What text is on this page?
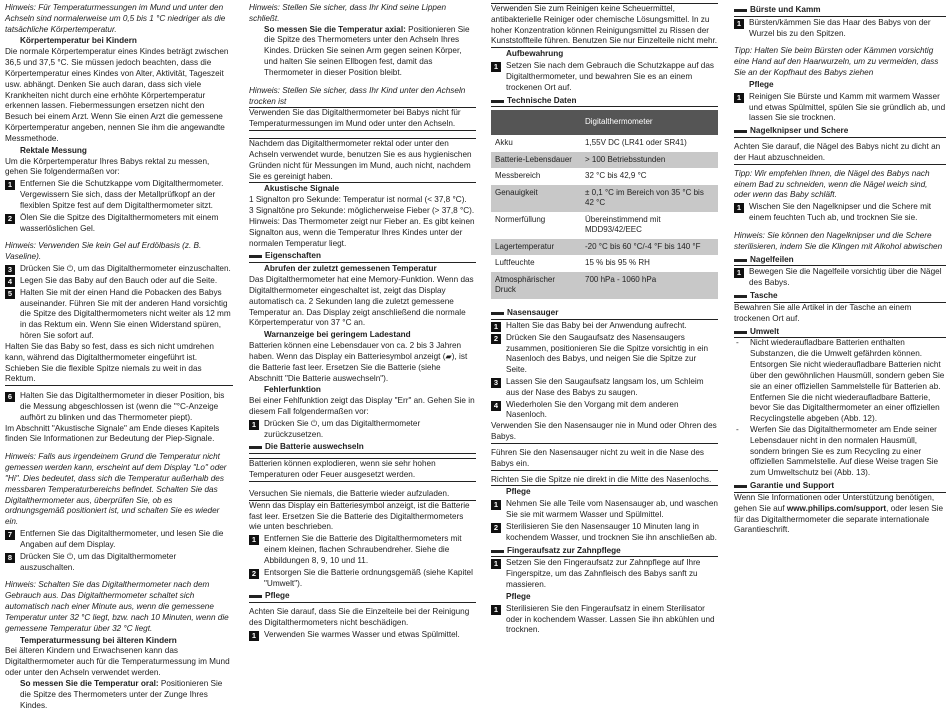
Hinweis: Für Temperaturmessungen im Mund und unter den Achseln sind normalerweise um 0,5 bis 1 °C niedriger als die tatsächliche Körpertemperatur.

Körpertemperatur bei Kindern

Die normale Körpertemperatur eines Kindes beträgt zwischen 36,5 und 37,5 °C. Sie müssen jedoch beachten, dass die Körpertemperatur eines Kindes von Alter, Aktivität, Tageszeit usw. abhängt. Denken Sie auch daran, dass sich viele Krankheiten nicht durch eine erhöhte Körpertemperatur erkennen lassen. Fiebermessungen ersetzen nicht den Besuch bei einem Arzt. Wenn Sie einen Arzt die gemessene Körpertemperatur angeben, nennen Sie ihm die angewandte Messmethode.

Rektale Messung

Um die Körpertemperatur Ihres Babys rektal zu messen, gehen Sie folgendermaßen vor:

1 Entfernen Sie die Schutzkappe vom Digitalthermometer. Vergewissern Sie sich, dass der Metallprüfkopf an der flexiblen Spitze fest auf dem Digitalthermometer sitzt.
2 Ölen Sie die Spitze des Digitalthermometers mit einem wasserlöslichen Gel.

Hinweis: Verwenden Sie kein Gel auf Erdölbasis (z. B. Vaseline).

3 Drücken Sie ⏻, um das Digitalthermometer einzuschalten.
4 Legen Sie das Baby auf den Bauch oder auf die Seite.
5 Halten Sie mit der einen Hand die Pobacken des Babys auseinander. Führen Sie mit der anderen Hand vorsichtig die Spitze des Digitalthermometers nicht weiter als 12 mm in das Rektum ein. Wenn Sie einen Widerstand spüren, hören Sie sofort auf.

Halten Sie das Baby so fest, dass es sich nicht umdrehen kann, während das Digitalthermometer eingeführt ist.

Schieben Sie die flexible Spitze niemals zu weit in das Rektum.

6 Halten Sie das Digitalthermometer in dieser Position, bis die Messung abgeschlossen ist (wenn die "°C-Anzeige aufhört zu blinken und das Thermometer piept).

Im Abschnitt "Akustische Signale" am Ende dieses Kapitels finden Sie Informationen zur Bedeutung der Piep-Signale.

Hinweis: Falls aus irgendeinem Grund die Temperatur nicht gemessen werden kann, erscheint auf dem Display "Lo" oder "Hi". Dies bedeutet, dass sich die Temperatur außerhalb des messbaren Temperaturbereichs befindet. Schalten Sie das Digitalthermometer aus, überprüfen Sie, ob es ordnungsgemäß positioniert ist, und schalten Sie es wieder ein.

7 Entfernen Sie das Digitalthermometer, und lesen Sie die Angaben auf dem Display.
8 Drücken Sie ⏻, um das Digitalthermometer auszuschalten.

Hinweis: Schalten Sie das Digitalthermometer nach dem Gebrauch aus. Das Digitalthermometer schaltet sich automatisch nach einer Minute aus, wenn die gemessene Temperatur unter 32 °C liegt, bzw. nach 10 Minuten, wenn die gemessene Temperatur über 32 °C liegt.

Temperaturmessung bei älteren Kindern

Bei älteren Kindern und Erwachsenen kann das Digitalthermometer auch für die Temperaturmessung im Mund oder unter den Achseln verwendet werden.

So messen Sie die Temperatur oral: Positionieren Sie die Spitze des Thermometers unter der Zunge Ihres Kindes.

Hinweis: Stellen Sie sicher, dass Ihr Kind seine Lippen schließt.

So messen Sie die Temperatur axial: Positionieren Sie die Spitze des Thermometers unter den Achseln Ihres Kindes. Drücken Sie seinen Arm gegen seinen Körper, und halten Sie seinen Ellbogen fest, damit das Thermometer in dieser Position bleibt.

Hinweis: Stellen Sie sicher, dass Ihr Kind unter den Achseln trocken ist

Verwenden Sie das Digitalthermometer bei Babys nicht für Temperaturmessungen im Mund oder unter den Achseln.

Nachdem das Digitalthermometer rektal oder unter den Achseln verwendet wurde, benutzen Sie es aus hygienischen Gründen nicht für Messungen im Mund, auch nicht, nachdem Sie es gereinigt haben.

Akustische Signale

1 Signalton pro Sekunde: Temperatur ist normal (< 37,8 °C).

3 Signaltöne pro Sekunde: möglicherweise Fieber (> 37,8 °C).

Hinweis: Das Thermometer zeigt nur Fieber an. Es gibt keinen Signalton aus, wenn die Temperatur Ihres Kindes unter der normalen Temperatur liegt.

Eigenschaften

Abrufen der zuletzt gemessenen Temperatur

Das Digitalthermometer hat eine Memory-Funktion. Wenn das Digitalthermometer eingeschaltet ist, zeigt das Display automatisch ca. 2 Sekunden lang die zuletzt gemessene Temperatur an. Das Display zeigt anschließend die normale Körpertemperatur von 37 °C an.

Warnanzeige bei geringem Ladestand

Batterien können eine Lebensdauer von ca. 2 bis 3 Jahren haben. Wenn das Display ein Batteriesymbol anzeigt (▰), ist die Batterie fast leer. Ersetzen Sie die Batterie (siehe Abschnitt "Die Batterie auswechseln").

Fehlerfunktion

Bei einer Fehlfunktion zeigt das Display "Err" an. Gehen Sie in diesem Fall folgendermaßen vor:

1 Drücken Sie ⏻, um das Digitalthermometer zurückzusetzen.
Die Batterie auswechseln

Batterien können explodieren, wenn sie sehr hohen Temperaturen oder Feuer ausgesetzt werden.

Versuchen Sie niemals, die Batterie wieder aufzuladen.

Wenn das Display ein Batteriesymbol anzeigt, ist die Batterie fast leer. Ersetzen Sie die Batterie des Digitalthermometers wie unten beschrieben.

1 Entfernen Sie die Batterie des Digitalthermometers mit einem kleinen, flachen Schraubendreher. Siehe die Abbildungen 8, 9, 10 und 11.
2 Entsorgen Sie die Batterie ordnungsgemäß (siehe Kapitel "Umwelt").
Pflege

Achten Sie darauf, dass Sie die Einzelteile bei der Reinigung des Digitalthermometers nicht beschädigen.

1 Verwenden Sie warmes Wasser und etwas Spülmittel.

Verwenden Sie zum Reinigen keine Scheuermittel, antibakterielle Reiniger oder chemische Lösungsmittel. In zu hoher Konzentration können Reinigungsmittel zu Rissen der Kunststoffteile führen. Benutzen Sie nur Einzelteile nicht mehr.

Aufbewahrung

1 Setzen Sie nach dem Gebrauch die Schutzkappe auf das Digitalthermometer, und bewahren Sie es an einem trockenen Ort auf.
Technische Daten
	Digitalthermometer
Akku	1,55V DC (LR41 oder SR41)
Batterie-Lebensdauer	> 100 Betriebsstunden
Messbereich	32 °C bis 42,9 °C
Genauigkeit	± 0,1 °C im Bereich von 35 °C bis 42 °C
Normerfüllung	Übereinstimmend mit MDD93/42/EEC
Lagertemperatur	-20 °C bis 60 °C/-4 °F bis 140 °F
Luftfeuchte	15 % bis 95 % RH
Atmosphärischer Druck	700 hPa - 1060 hPa
Nasensauger
1 Halten Sie das Baby bei der Anwendung aufrecht.
2 Drücken Sie den Saugaufsatz des Nasensaugers zusammen, positionieren Sie die Spitze vorsichtig in ein Nasenloch des Babys, und neigen Sie die Spitze zur Seite.
3 Lassen Sie den Saugaufsatz langsam los, um Schleim aus der Nase des Babys zu saugen.
4 Wiederholen Sie den Vorgang mit dem anderen Nasenloch.

Verwenden Sie den Nasensauger nie in Mund oder Ohren des Babys.

Führen Sie den Nasensauger nicht zu weit in die Nase des Babys ein.

Richten Sie die Spitze nie direkt in die Mitte des Nasenlochs.

Pflege

1 Nehmen Sie alle Teile vom Nasensauger ab, und waschen Sie sie mit warmem Wasser und Spülmittel.
2 Sterilisieren Sie den Nasensauger 10 Minuten lang in kochendem Wasser, und trocknen Sie ihn anschließen ab.
Fingeraufsatz zur Zahnpflege
1 Setzen Sie den Fingeraufsatz zur Zahnpflege auf Ihre Fingerspitze, um das Zahnfleisch des Babys sanft zu massieren.

Pflege

1 Sterilisieren Sie den Fingeraufsatz in einem Sterilisator oder in kochendem Wasser. Lassen Sie ihn abkühlen und trocknen.
Bürste und Kamm
1 Bürsten/kämmen Sie das Haar des Babys von der Wurzel bis zu den Spitzen.

Tipp: Halten Sie beim Bürsten oder Kämmen vorsichtig eine Hand auf den Haarwurzeln, um zu vermeiden, dass Sie an der Kopfhaut des Babys ziehen

Pflege

1 Reinigen Sie Bürste und Kamm mit warmem Wasser und etwas Spülmittel, spülen Sie sie gründlich ab, und lassen Sie sie trocknen.
Nagelknipser und Schere

Achten Sie darauf, die Nägel des Babys nicht zu dicht an der Haut abzuschneiden.

Tipp: Wir empfehlen Ihnen, die Nägel des Babys nach einem Bad zu schneiden, wenn die Nägel weich sind, oder wenn das Baby schläft.

1 Wischen Sie den Nagelknipser und die Schere mit einem feuchten Tuch ab, und trocknen Sie sie.

Hinweis: Sie können den Nagelknipser und die Schere sterilisieren, indem Sie die Klingen mit Alkohol abwischen

Nagelfeilen
1 Bewegen Sie die Nagelfeile vorsichtig über die Nägel des Babys.
Tasche

Bewahren Sie alle Artikel in der Tasche an einem trockenen Ort auf.

Umwelt

- Nicht wiederaufladbare Batterien enthalten Substanzen, die die Umwelt gefährden können. Entsorgen Sie nicht wiederaufladbare Batterien nicht über den gewöhnlichen Hausmüll, sondern geben Sie sie an einer offiziellen Sammelstelle für Batterien ab. Entfernen Sie die nicht wiederaufladbare Batterie, bevor Sie das Digitalthermometer an einer offiziellen Recyclingstelle abgeben (Abb. 12).

- Werfen Sie das Digitalthermometer am Ende seiner Lebensdauer nicht in den normalen Hausmüll, sondern bringen Sie es zum Recycling zu einer offiziellen Sammelstelle. Auf diese Weise tragen Sie zum Umweltschutz bei (Abb. 13).

Garantie und Support

Wenn Sie Informationen oder Unterstützung benötigen, gehen Sie auf www.philips.com/support, oder lesen Sie für das Digitalthermometer die separate internationale Garantieschrift.
